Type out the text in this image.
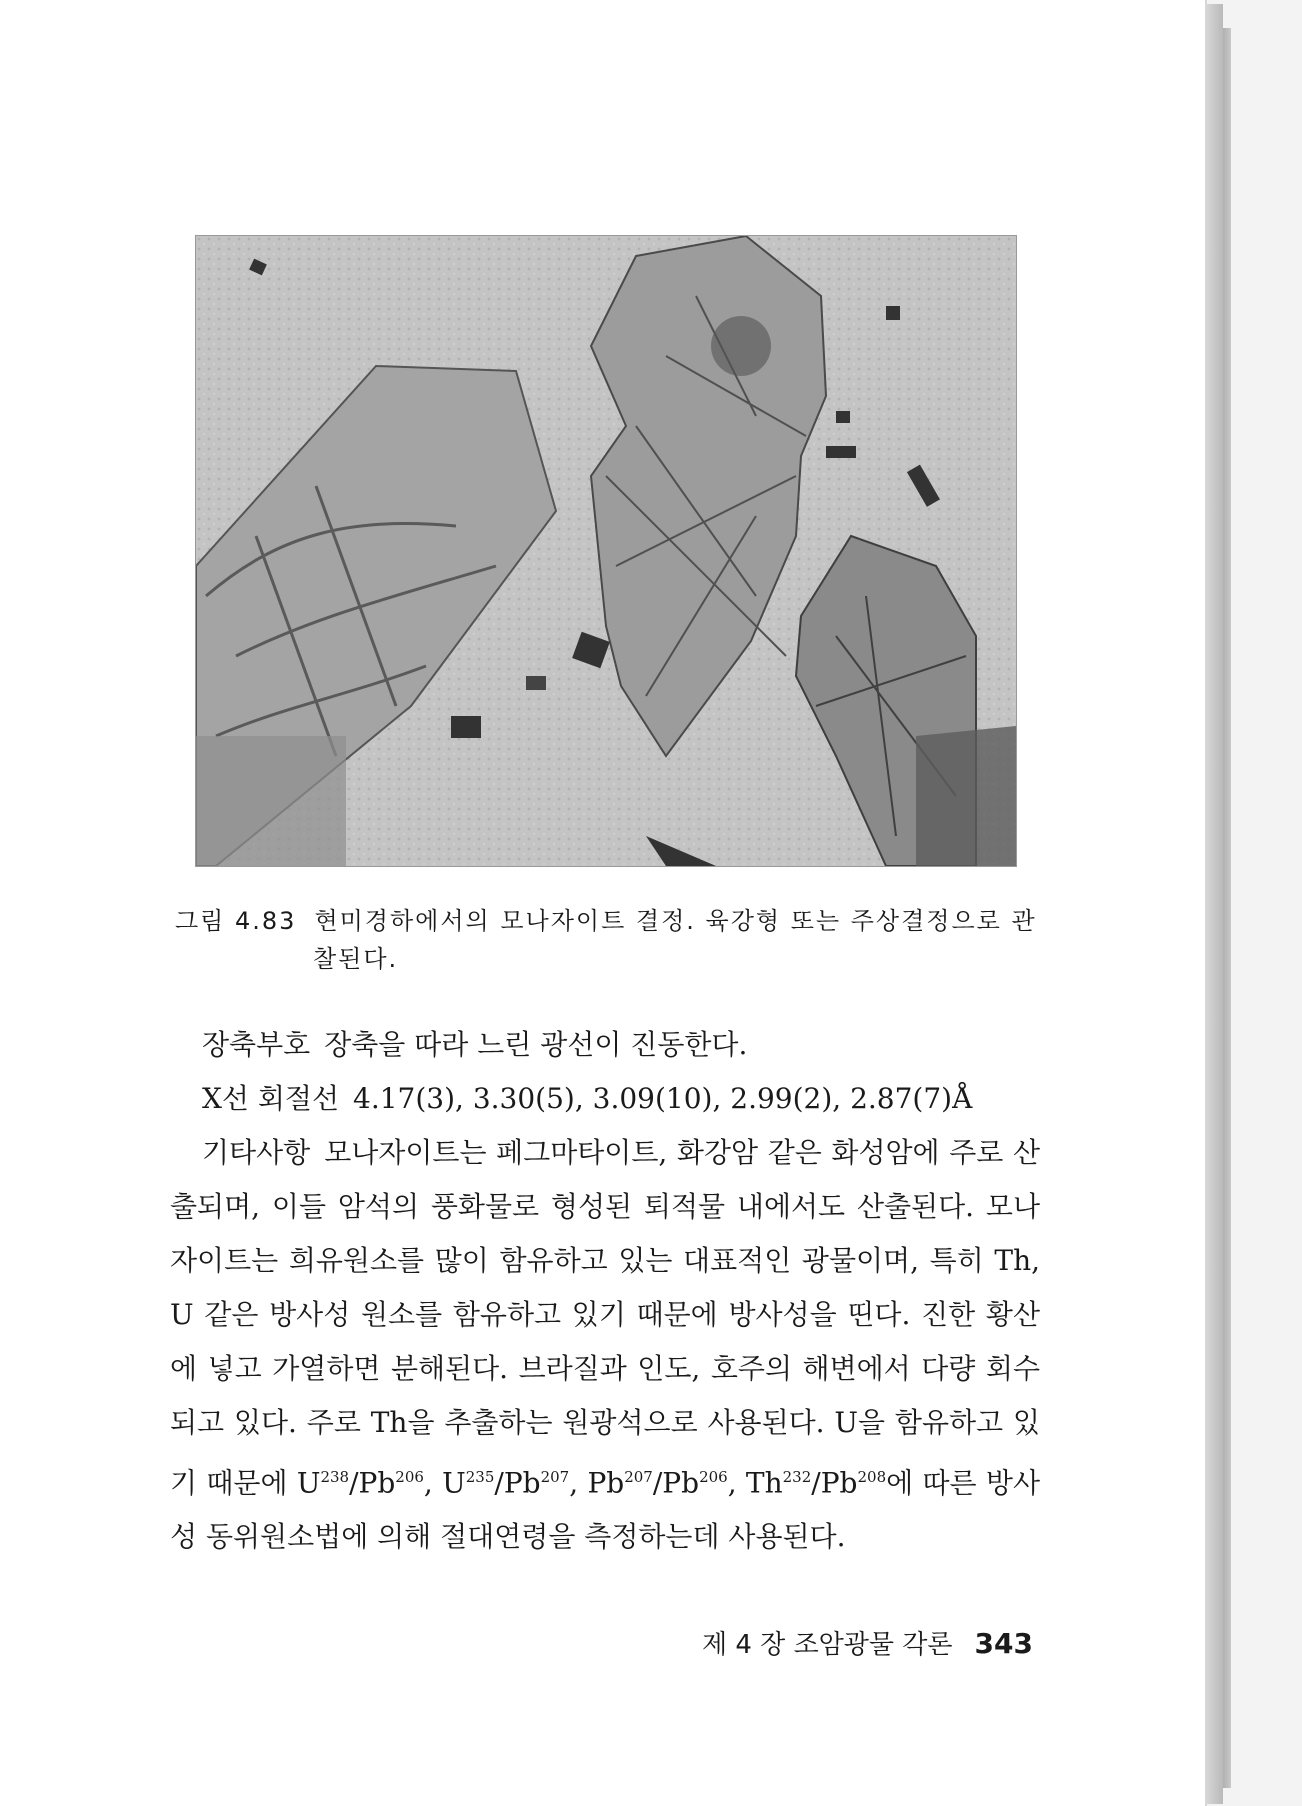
그림 4.83 현미경하에서의 모나자이트 결정. 육강형 또는 주상결정으로 관
찰된다.

장축부호 장축을 따라 느린 광선이 진동한다.

X선 회절선 4.17(3), 3.30(5), 3.09(10), 2.99(2), 2.87(7)Å

기타사항 모나자이트는 페그마타이트, 화강암 같은 화성암에 주로 산출되며, 이들 암석의 풍화물로 형성된 퇴적물 내에서도 산출된다. 모나자이트는 희유원소를 많이 함유하고 있는 대표적인 광물이며, 특히 Th, U 같은 방사성 원소를 함유하고 있기 때문에 방사성을 띤다. 진한 황산에 넣고 가열하면 분해된다. 브라질과 인도, 호주의 해변에서 다량 회수되고 있다. 주로 Th을 추출하는 원광석으로 사용된다. U을 함유하고 있기 때문에 $U^{238}/Pb^{206}$, $U^{235}/Pb^{207}$, Pb$^{207}$/Pb$^{206}$, Th$^{232}$/Pb$^{208}$에 따른 방사성 동위원소법에 의해 절대연령을 측정하는데 사용된다.

제 4 장 조암광물 각론 343
